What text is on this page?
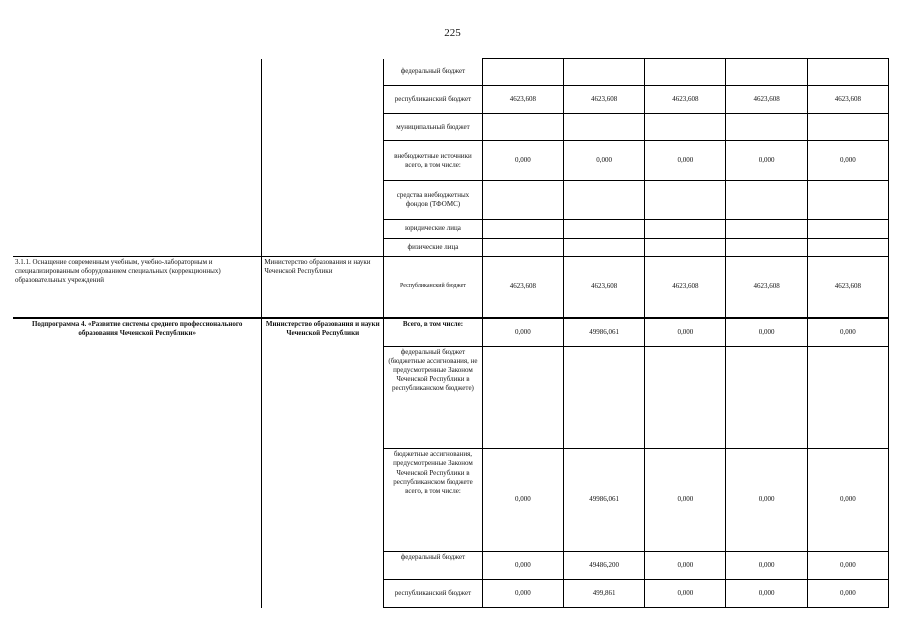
225
		федеральный бюджет					
		республиканский бюджет	4623,608	4623,608	4623,608	4623,608	4623,608
		муниципальный бюджет					
		внебюджетные источники всего, в том числе:	0,000	0,000	0,000	0,000	0,000
		средства внебюджетных фондов (ТФОМС)					
		юридические лица					
		физические лица					
3.1.1. Оснащение современным учебным, учебно-лабораторным и специализированным оборудованием специальных (коррекционных) образовательных учреждений	Министерство образования и науки Чеченской Республики	Республиканский бюджет	4623,608	4623,608	4623,608	4623,608	4623,608
Подпрограмма 4. «Развитие системы среднего профессионального образования Чеченской Республики»	Министерство образования и науки Чеченской Республики	Всего, в том числе:	0,000	49986,061	0,000	0,000	0,000
		федеральный бюджет (бюджетные ассигнования, не предусмотренные Законом Чеченской Республики в республиканском бюджете)					
		бюджетные ассигнования, предусмотренные Законом Чеченской Республики в республиканском бюджете всего, в том числе:	0,000	49986,061	0,000	0,000	0,000
		федеральный бюджет	0,000	49486,200	0,000	0,000	0,000
		республиканский бюджет	0,000	499,861	0,000	0,000	0,000
